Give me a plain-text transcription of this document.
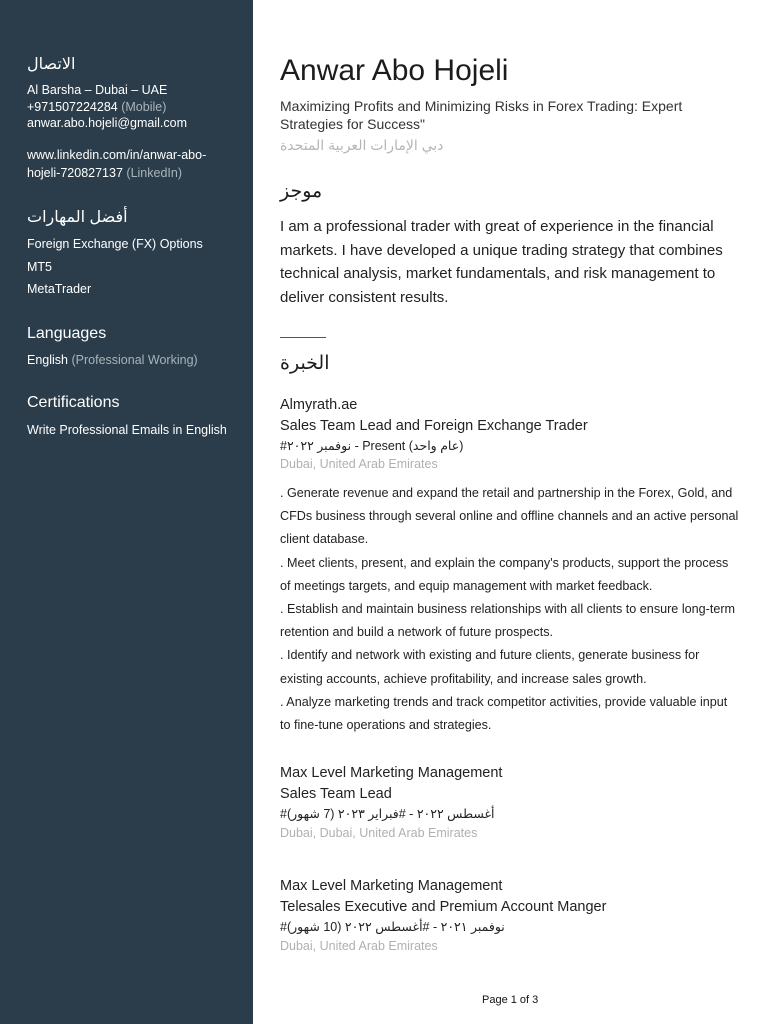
الاتصال
Al Barsha – Dubai – UAE
+971507224284 (Mobile)
anwar.abo.hojeli@gmail.com
www.linkedin.com/in/anwar-abo-
hojeli-720827137 (LinkedIn)
أفضل المهارات
Foreign Exchange (FX) Options
MT5
MetaTrader
Languages
English (Professional Working)
Certifications
Write Professional Emails in English
Anwar Abo Hojeli
Maximizing Profits and Minimizing Risks in Forex Trading: Expert Strategies for Success"
دبي الإمارات العربية المتحدة
موجز
I am a professional trader with great of experience in the financial markets. I have developed a unique trading strategy that combines technical analysis, market fundamentals, and risk management to deliver consistent results.
الخبرة
Almyrath.ae
Sales Team Lead and Foreign Exchange Trader
#نوفمبر ٢٠٢٢ - Present (عام واحد)
Dubai, United Arab Emirates
. Generate revenue and expand the retail and partnership in the Forex, Gold, and CFDs business through several online and offline channels and an active personal client database.
. Meet clients, present, and explain the company's products, support the process of meetings targets, and equip management with market feedback.
. Establish and maintain business relationships with all clients to ensure long-term retention and build a network of future prospects.
. Identify and network with existing and future clients, generate business for existing accounts, achieve profitability, and increase sales growth.
. Analyze marketing trends and track competitor activities, provide valuable input to fine-tune operations and strategies.
Max Level Marketing Management
Sales Team Lead
#أغسطس ٢٠٢٢ - #فبراير ٢٠٢٣ (7 شهور)
Dubai, Dubai, United Arab Emirates
Max Level Marketing Management
Telesales Executive and Premium Account Manger
#نوفمبر ٢٠٢١ - #أغسطس ٢٠٢٢ (10 شهور)
Dubai, United Arab Emirates
Page 1 of 3
